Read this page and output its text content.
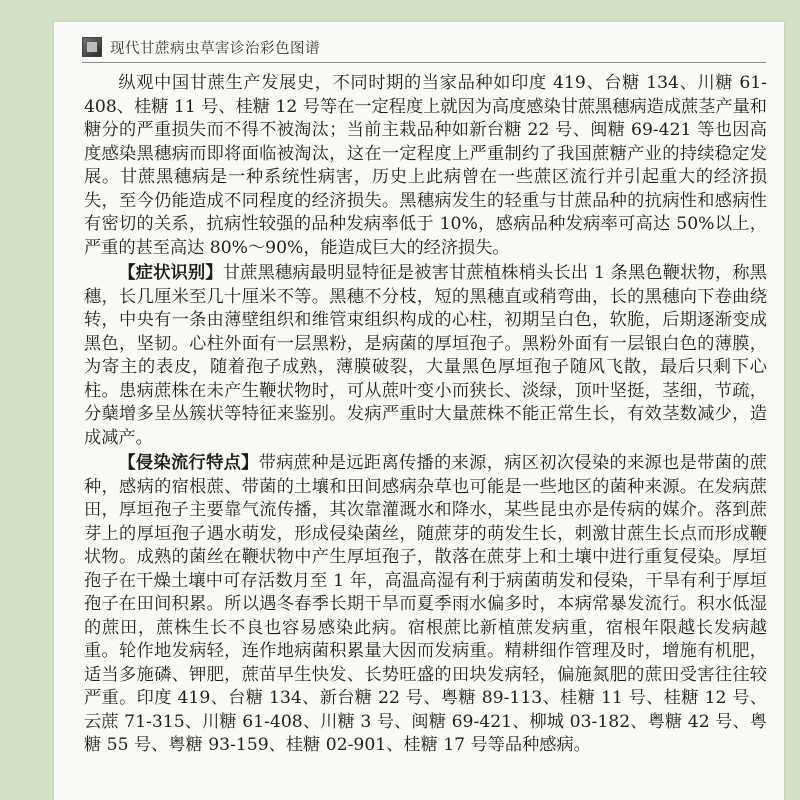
现代甘蔗病虫草害诊治彩色图谱

纵观中国甘蔗生产发展史，不同时期的当家品种如印度 419、台糖 134、川糖 61-408、桂糖 11 号、桂糖 12 号等在一定程度上就因为高度感染甘蔗黑穗病造成蔗茎产量和糖分的严重损失而不得不被淘汰；当前主栽品种如新台糖 22 号、闽糖 69-421 等也因高度感染黑穗病而即将面临被淘汰，这在一定程度上严重制约了我国蔗糖产业的持续稳定发展。甘蔗黑穗病是一种系统性病害，历史上此病曾在一些蔗区流行并引起重大的经济损失，至今仍能造成不同程度的经济损失。黑穗病发生的轻重与甘蔗品种的抗病性和感病性有密切的关系，抗病性较强的品种发病率低于 10%，感病品种发病率可高达 50%以上，严重的甚至高达 80%～90%，能造成巨大的经济损失。

【症状识别】甘蔗黑穗病最明显特征是被害甘蔗植株梢头长出 1 条黑色鞭状物，称黑穗，长几厘米至几十厘米不等。黑穗不分枝，短的黑穗直或稍弯曲，长的黑穗向下卷曲绕转，中央有一条由薄壁组织和维管束组织构成的心柱，初期呈白色，软脆，后期逐渐变成黑色，坚韧。心柱外面有一层黑粉，是病菌的厚垣孢子。黑粉外面有一层银白色的薄膜，为寄主的表皮，随着孢子成熟，薄膜破裂，大量黑色厚垣孢子随风飞散，最后只剩下心柱。患病蔗株在未产生鞭状物时，可从蔗叶变小而狭长、淡绿，顶叶坚挺，茎细，节疏，分蘖增多呈丛簇状等特征来鉴别。发病严重时大量蔗株不能正常生长，有效茎数减少，造成减产。

【侵染流行特点】带病蔗种是远距离传播的来源，病区初次侵染的来源也是带菌的蔗种，感病的宿根蔗、带菌的土壤和田间感病杂草也可能是一些地区的菌种来源。在发病蔗田，厚垣孢子主要靠气流传播，其次靠灌溉水和降水，某些昆虫亦是传病的媒介。落到蔗芽上的厚垣孢子遇水萌发，形成侵染菌丝，随蔗芽的萌发生长，刺激甘蔗生长点而形成鞭状物。成熟的菌丝在鞭状物中产生厚垣孢子，散落在蔗芽上和土壤中进行重复侵染。厚垣孢子在干燥土壤中可存活数月至 1 年，高温高湿有利于病菌萌发和侵染，干旱有利于厚垣孢子在田间积累。所以遇冬春季长期干旱而夏季雨水偏多时，本病常暴发流行。积水低湿的蔗田，蔗株生长不良也容易感染此病。宿根蔗比新植蔗发病重，宿根年限越长发病越重。轮作地发病轻，连作地病菌积累量大因而发病重。精耕细作管理及时，增施有机肥，适当多施磷、钾肥，蔗苗早生快发、长势旺盛的田块发病轻，偏施氮肥的蔗田受害往往较严重。印度 419、台糖 134、新台糖 22 号、粤糖 89-113、桂糖 11 号、桂糖 12 号、云蔗 71-315、川糖 61-408、川糖 3 号、闽糖 69-421、柳城 03-182、粤糖 42 号、粤糖 55 号、粤糖 93-159、桂糖 02-901、桂糖 17 号等品种感病。
